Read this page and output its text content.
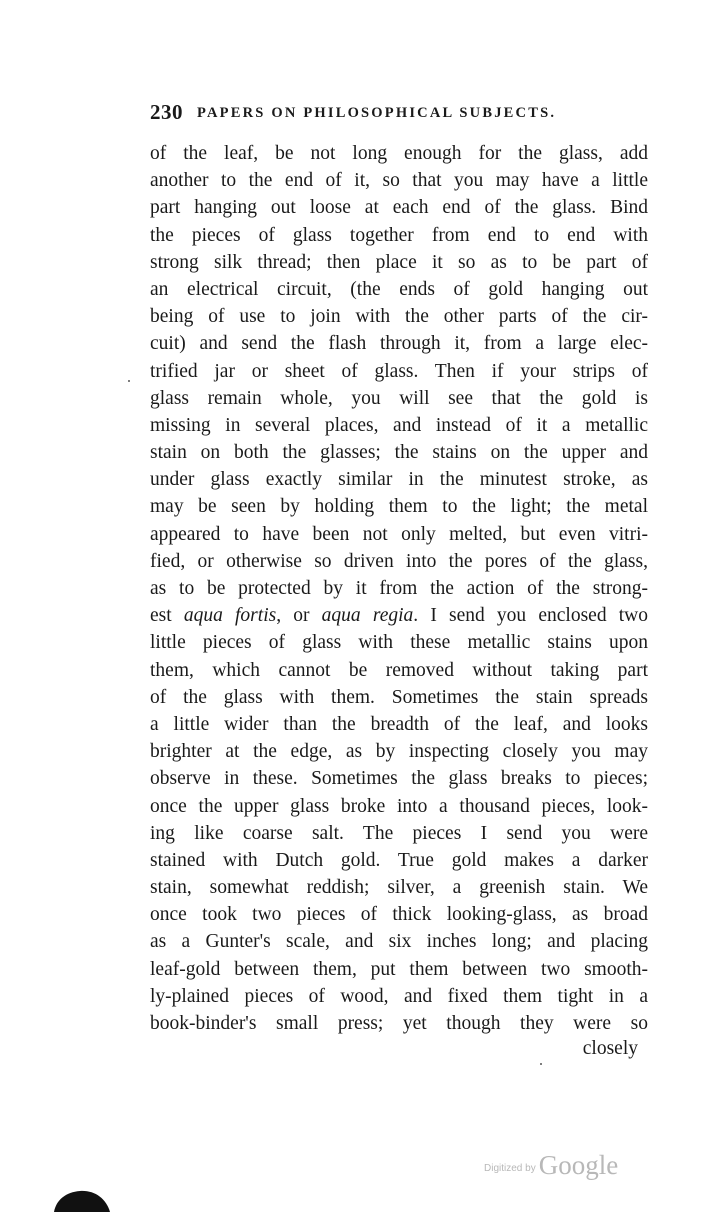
230 PAPERS ON PHILOSOPHICAL SUBJECTS.
of the leaf, be not long enough for the glass, add
another to the end of it, so that you may have a little
part hanging out loose at each end of the glass. Bind
the pieces of glass together from end to end with
strong silk thread; then place it so as to be part of
an electrical circuit, (the ends of gold hanging out
being of use to join with the other parts of the cir-
cuit) and send the flash through it, from a large elec-
trified jar or sheet of glass. Then if your strips of
glass remain whole, you will see that the gold is
missing in several places, and instead of it a metallic
stain on both the glasses; the stains on the upper and
under glass exactly similar in the minutest stroke, as
may be seen by holding them to the light; the metal
appeared to have been not only melted, but even vitri-
fied, or otherwise so driven into the pores of the glass,
as to be protected by it from the action of the strong-
est aqua fortis, or aqua regia. I send you enclosed two
little pieces of glass with these metallic stains upon
them, which cannot be removed without taking part
of the glass with them. Sometimes the stain spreads
a little wider than the breadth of the leaf, and looks
brighter at the edge, as by inspecting closely you may
observe in these. Sometimes the glass breaks to pieces;
once the upper glass broke into a thousand pieces, look-
ing like coarse salt. The pieces I send you were
stained with Dutch gold. True gold makes a darker
stain, somewhat reddish; silver, a greenish stain. We
once took two pieces of thick looking-glass, as broad
as a Gunter's scale, and six inches long; and placing
leaf-gold between them, put them between two smooth-
ly-plained pieces of wood, and fixed them tight in a
book-binder's small press; yet though they were so
closely
Digitized by Google
